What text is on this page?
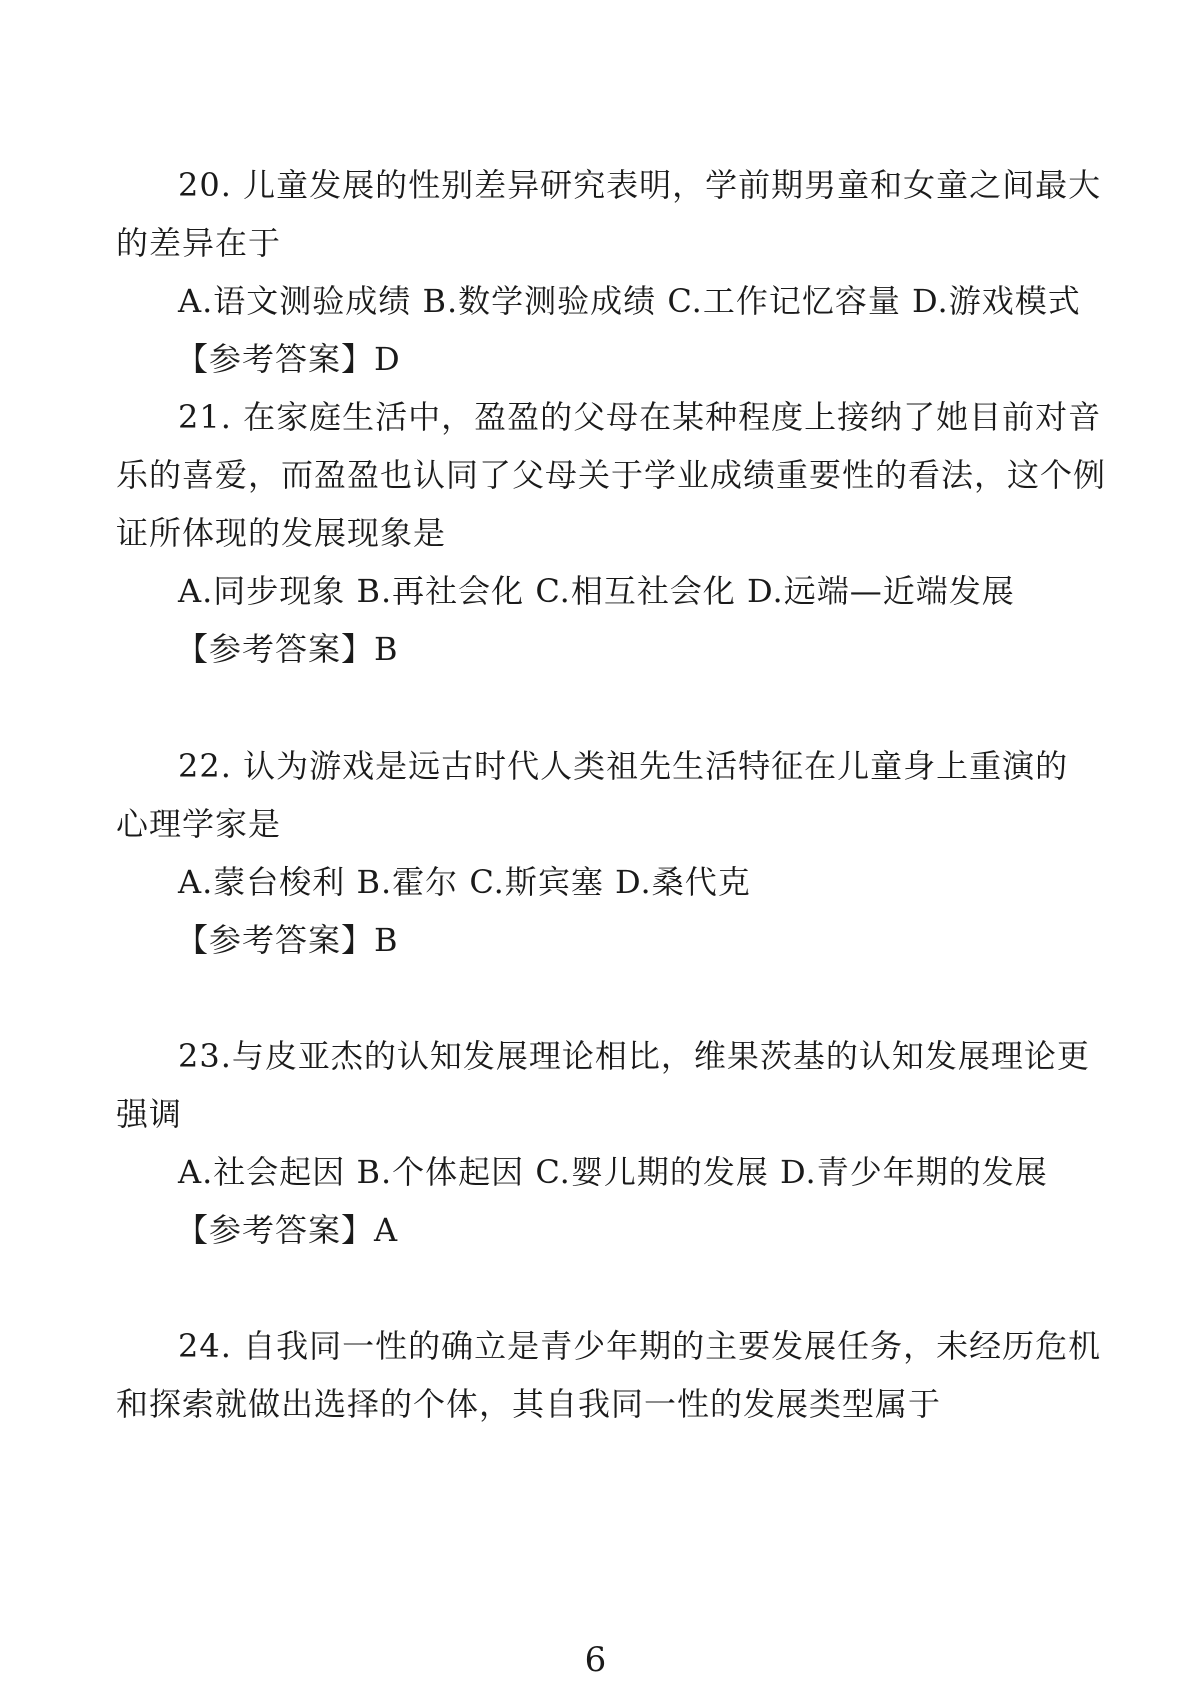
20. 儿童发展的性别差异研究表明，学前期男童和女童之间最大
的差异在于
A.语文测验成绩 B.数学测验成绩 C.工作记忆容量 D.游戏模式
【参考答案】D
21. 在家庭生活中，盈盈的父母在某种程度上接纳了她目前对音
乐的喜爱，而盈盈也认同了父母关于学业成绩重要性的看法，这个例
证所体现的发展现象是
A.同步现象 B.再社会化 C.相互社会化 D.远端—近端发展
【参考答案】B
22. 认为游戏是远古时代人类祖先生活特征在儿童身上重演的
心理学家是
A.蒙台梭利 B.霍尔 C.斯宾塞 D.桑代克
【参考答案】B
23.与皮亚杰的认知发展理论相比，维果茨基的认知发展理论更
强调
A.社会起因 B.个体起因 C.婴儿期的发展 D.青少年期的发展
【参考答案】A
24. 自我同一性的确立是青少年期的主要发展任务，未经历危机
和探索就做出选择的个体，其自我同一性的发展类型属于
6
